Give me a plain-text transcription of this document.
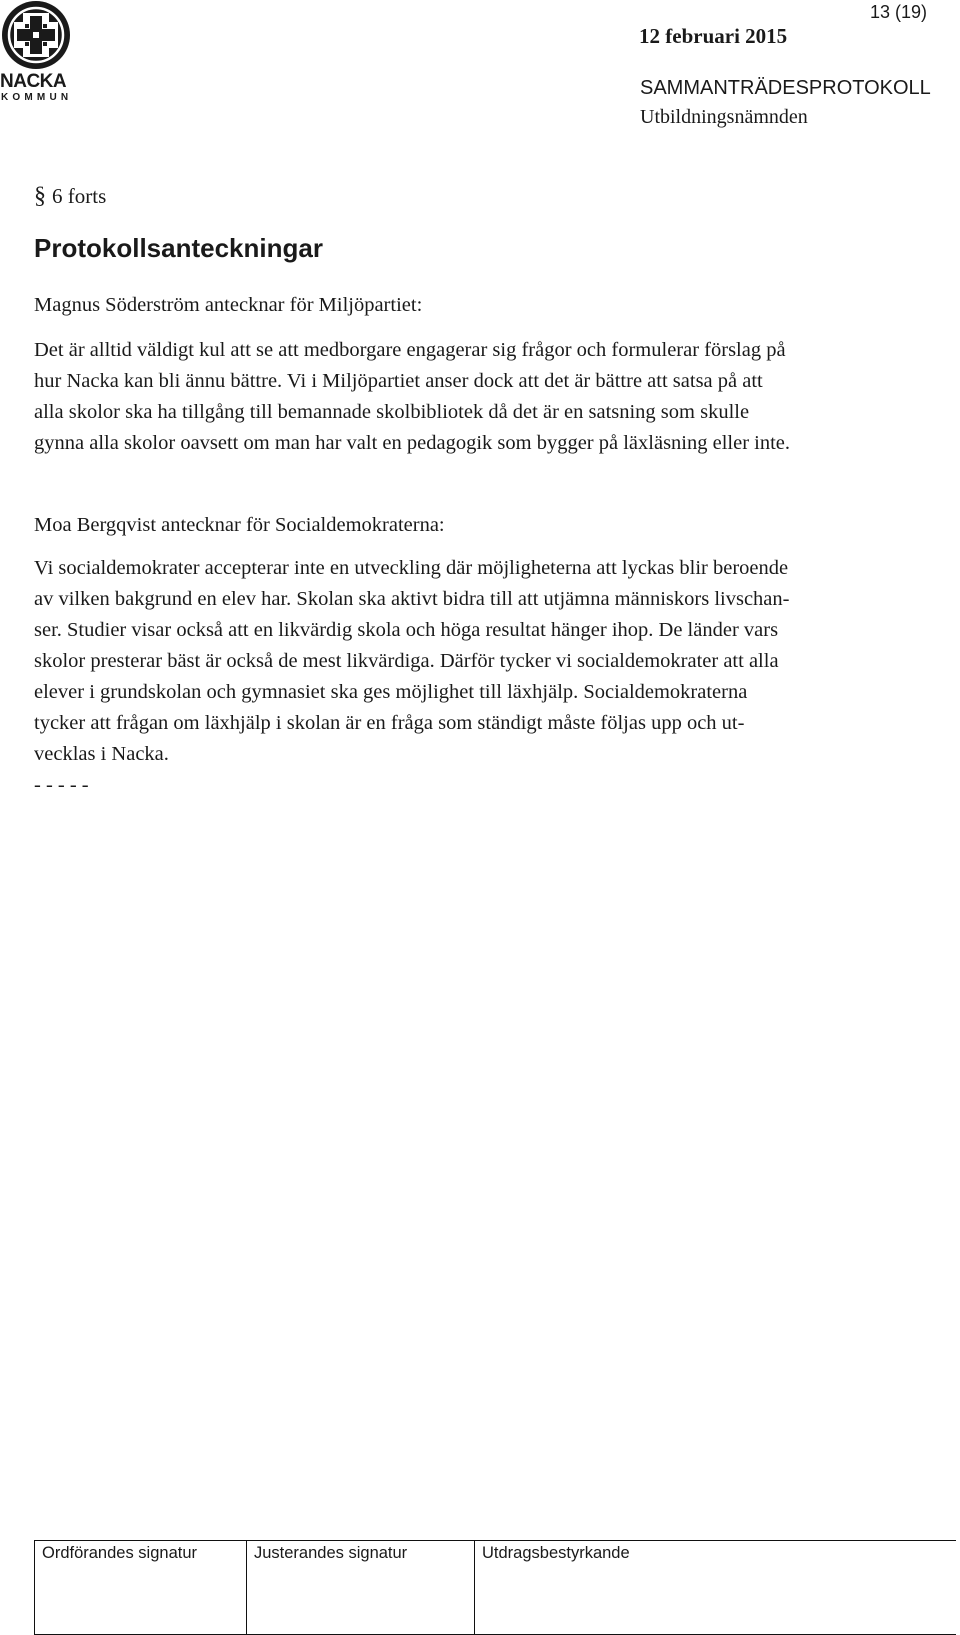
NACKA
KOMMUN
13 (19)
12 februari 2015
SAMMANTRÄDESPROTOKOLL
Utbildningsnämnden
§ 6 forts
Protokollsanteckningar

Magnus Söderström antecknar för Miljöpartiet:

Det är alltid väldigt kul att se att medborgare engagerar sig frågor och formulerar förslag på

hur Nacka kan bli ännu bättre. Vi i Miljöpartiet anser dock att det är bättre att satsa på att

alla skolor ska ha tillgång till bemannade skolbibliotek då det är en satsning som skulle

gynna alla skolor oavsett om man har valt en pedagogik som bygger på läxläsning eller inte.

Moa Bergqvist antecknar för Socialdemokraterna:

Vi socialdemokrater accepterar inte en utveckling där möjligheterna att lyckas blir beroende

av vilken bakgrund en elev har. Skolan ska aktivt bidra till att utjämna människors livschan-

ser. Studier visar också att en likvärdig skola och höga resultat hänger ihop. De länder vars

skolor presterar bäst är också de mest likvärdiga. Därför tycker vi socialdemokrater att alla

elever i grundskolan och gymnasiet ska ges möjlighet till läxhjälp. Socialdemokraterna

tycker att frågan om läxhjälp i skolan är en fråga som ständigt måste följas upp och ut-

vecklas i Nacka.

- - - - -

Ordförandes signatur	Justerandes signatur	Utdragsbestyrkande
